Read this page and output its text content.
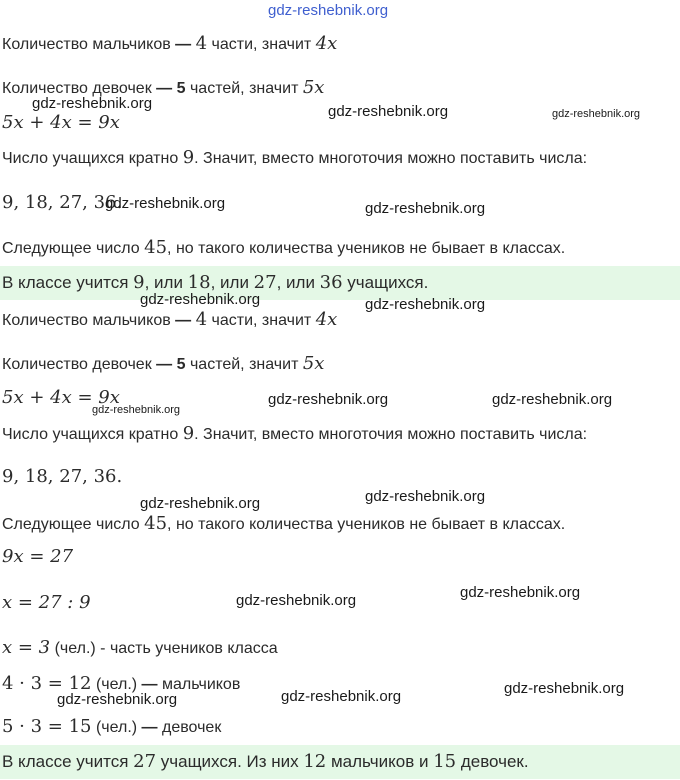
gdz-reshebnik.org
Количество мальчиков — 4 части, значит 4x
Количество девочек — 5 частей, значит 5x
5x + 4x = 9x
Число учащихся кратно 9. Значит, вместо многоточия можно поставить числа:
9, 18, 27, 36.
Следующее число 45, но такого количества учеников не бывает в классах.
В классе учится 9, или 18, или 27, или 36 учащихся.
Количество мальчиков — 4 части, значит 4x
Количество девочек — 5 частей, значит 5x
5x + 4x = 9x
Число учащихся кратно 9. Значит, вместо многоточия можно поставить числа:
9, 18, 27, 36.
Следующее число 45, но такого количества учеников не бывает в классах.
9x = 27
x = 27 : 9
x = 3 (чел.) - часть учеников класса
4 · 3 = 12 (чел.) — мальчиков
5 · 3 = 15 (чел.) — девочек
В классе учится 27 учащихся. Из них 12 мальчиков и 15 девочек.
gdz-reshebnik.org	gdz-reshebnik.org	gdz-reshebnik.org
gdz-reshebnik.org	gdz-reshebnik.org
gdz-reshebnik.org	gdz-reshebnik.org
gdz-reshebnik.org	gdz-reshebnik.org
gdz-reshebnik.org
gdz-reshebnik.org
gdz-reshebnik.org
gdz-reshebnik.org
gdz-reshebnik.org
gdz-reshebnik.org
gdz-reshebnik.org
gdz-reshebnik.org
